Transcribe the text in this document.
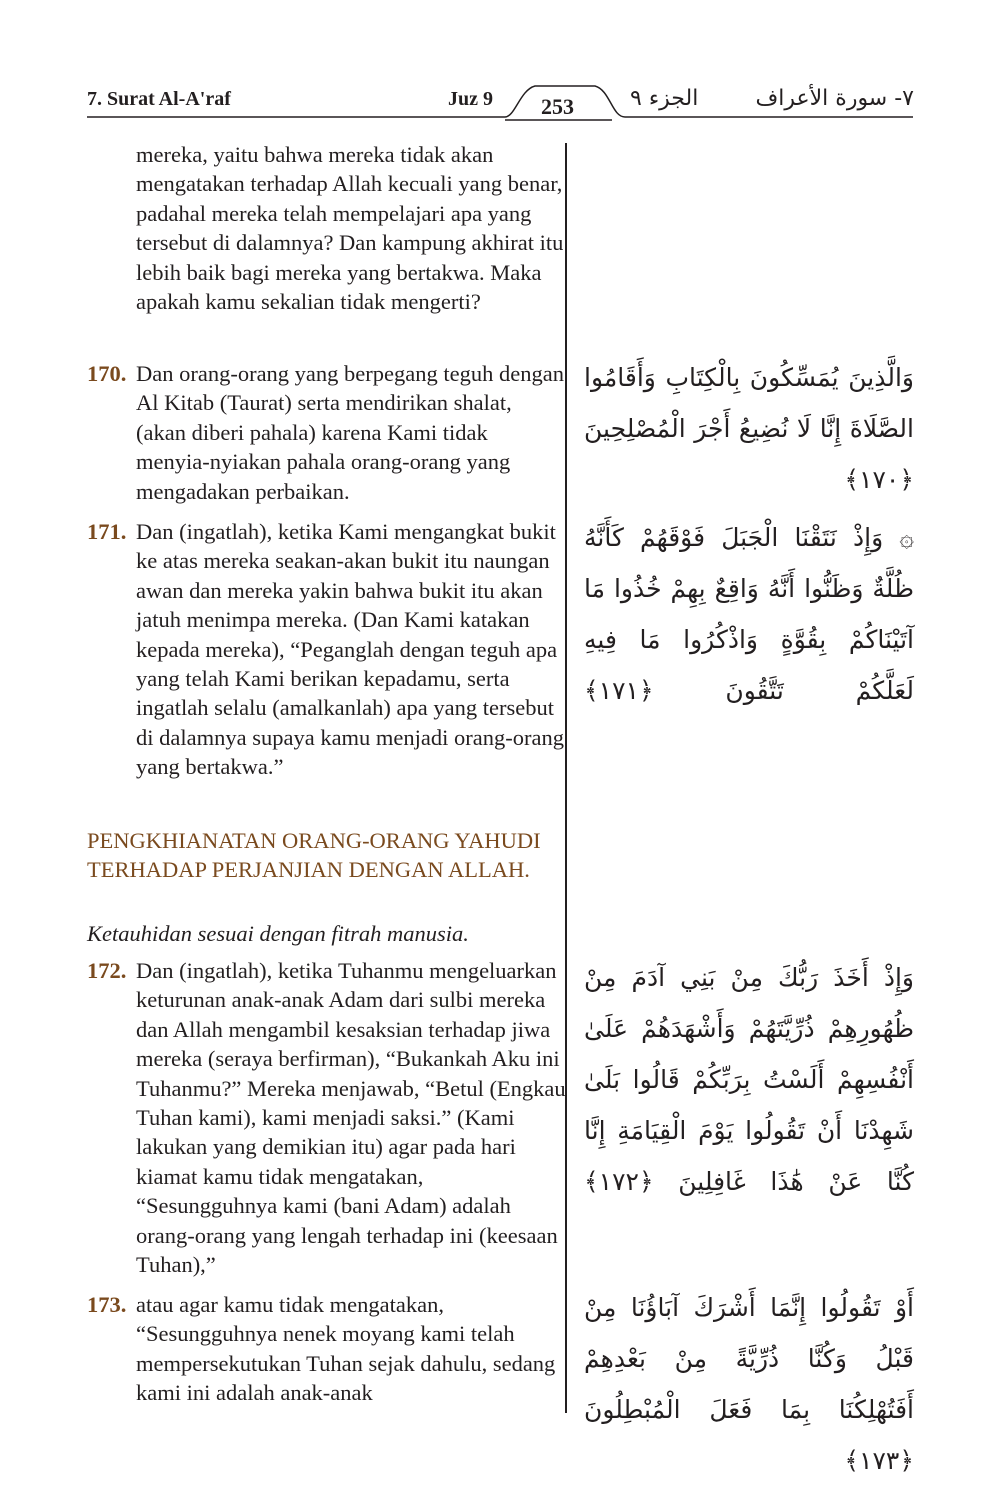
7. Surat Al-A'raf	Juz 9 253	الجزء ٩	٧- سورة الأعراف
mereka, yaitu bahwa mereka tidak akan mengatakan terhadap Allah kecuali yang benar, padahal mereka telah mempelajari apa yang tersebut di dalamnya? Dan kampung akhirat itu lebih baik bagi mereka yang bertakwa. Maka apakah kamu sekalian tidak mengerti?
170. Dan orang-orang yang berpegang teguh dengan Al Kitab (Taurat) serta mendirikan shalat, (akan diberi pahala) karena Kami tidak menyia-nyiakan pahala orang-orang yang mengadakan perbaikan.
وَالَّذِينَ يُمَسِّكُونَ بِالْكِتَابِ وَأَقَامُوا الصَّلَاةَ إِنَّا لَا نُضِيعُ أَجْرَ الْمُصْلِحِينَ ﴿١٧٠﴾
171. Dan (ingatlah), ketika Kami mengangkat bukit ke atas mereka seakan-akan bukit itu naungan awan dan mereka yakin bahwa bukit itu akan jatuh menimpa mereka. (Dan Kami katakan kepada mereka), “Peganglah dengan teguh apa yang telah Kami berikan kepadamu, serta ingatlah selalu (amalkanlah) apa yang tersebut di dalamnya supaya kamu menjadi orang-orang yang bertakwa.”
۞ وَإِذْ نَتَقْنَا الْجَبَلَ فَوْقَهُمْ كَأَنَّهُ ظُلَّةٌ وَظَنُّوا أَنَّهُ وَاقِعٌ بِهِمْ خُذُوا مَا آتَيْنَاكُمْ بِقُوَّةٍ وَاذْكُرُوا مَا فِيهِ لَعَلَّكُمْ تَتَّقُونَ ﴿١٧١﴾
PENGKHIANATAN ORANG-ORANG YAHUDI TERHADAP PERJANJIAN DENGAN ALLAH.
Ketauhidan sesuai dengan fitrah manusia.
172. Dan (ingatlah), ketika Tuhanmu mengeluarkan keturunan anak-anak Adam dari sulbi mereka dan Allah mengambil kesaksian terhadap jiwa mereka (seraya berfirman), “Bukankah Aku ini Tuhanmu?” Mereka menjawab, “Betul (Engkau Tuhan kami), kami menjadi saksi.” (Kami lakukan yang demikian itu) agar pada hari kiamat kamu tidak mengatakan, “Sesungguhnya kami (bani Adam) adalah orang-orang yang lengah terhadap ini (keesaan Tuhan),”
وَإِذْ أَخَذَ رَبُّكَ مِنْ بَنِي آدَمَ مِنْ ظُهُورِهِمْ ذُرِّيَّتَهُمْ وَأَشْهَدَهُمْ عَلَىٰ أَنْفُسِهِمْ أَلَسْتُ بِرَبِّكُمْ قَالُوا بَلَىٰ شَهِدْنَا أَنْ تَقُولُوا يَوْمَ الْقِيَامَةِ إِنَّا كُنَّا عَنْ هَٰذَا غَافِلِينَ ﴿١٧٢﴾
173. atau agar kamu tidak mengatakan, “Sesungguhnya nenek moyang kami telah mempersekutukan Tuhan sejak dahulu, sedang kami ini adalah anak-anak
أَوْ تَقُولُوا إِنَّمَا أَشْرَكَ آبَاؤُنَا مِنْ قَبْلُ وَكُنَّا ذُرِّيَّةً مِنْ بَعْدِهِمْ أَفَتُهْلِكُنَا بِمَا فَعَلَ الْمُبْطِلُونَ ﴿١٧٣﴾
